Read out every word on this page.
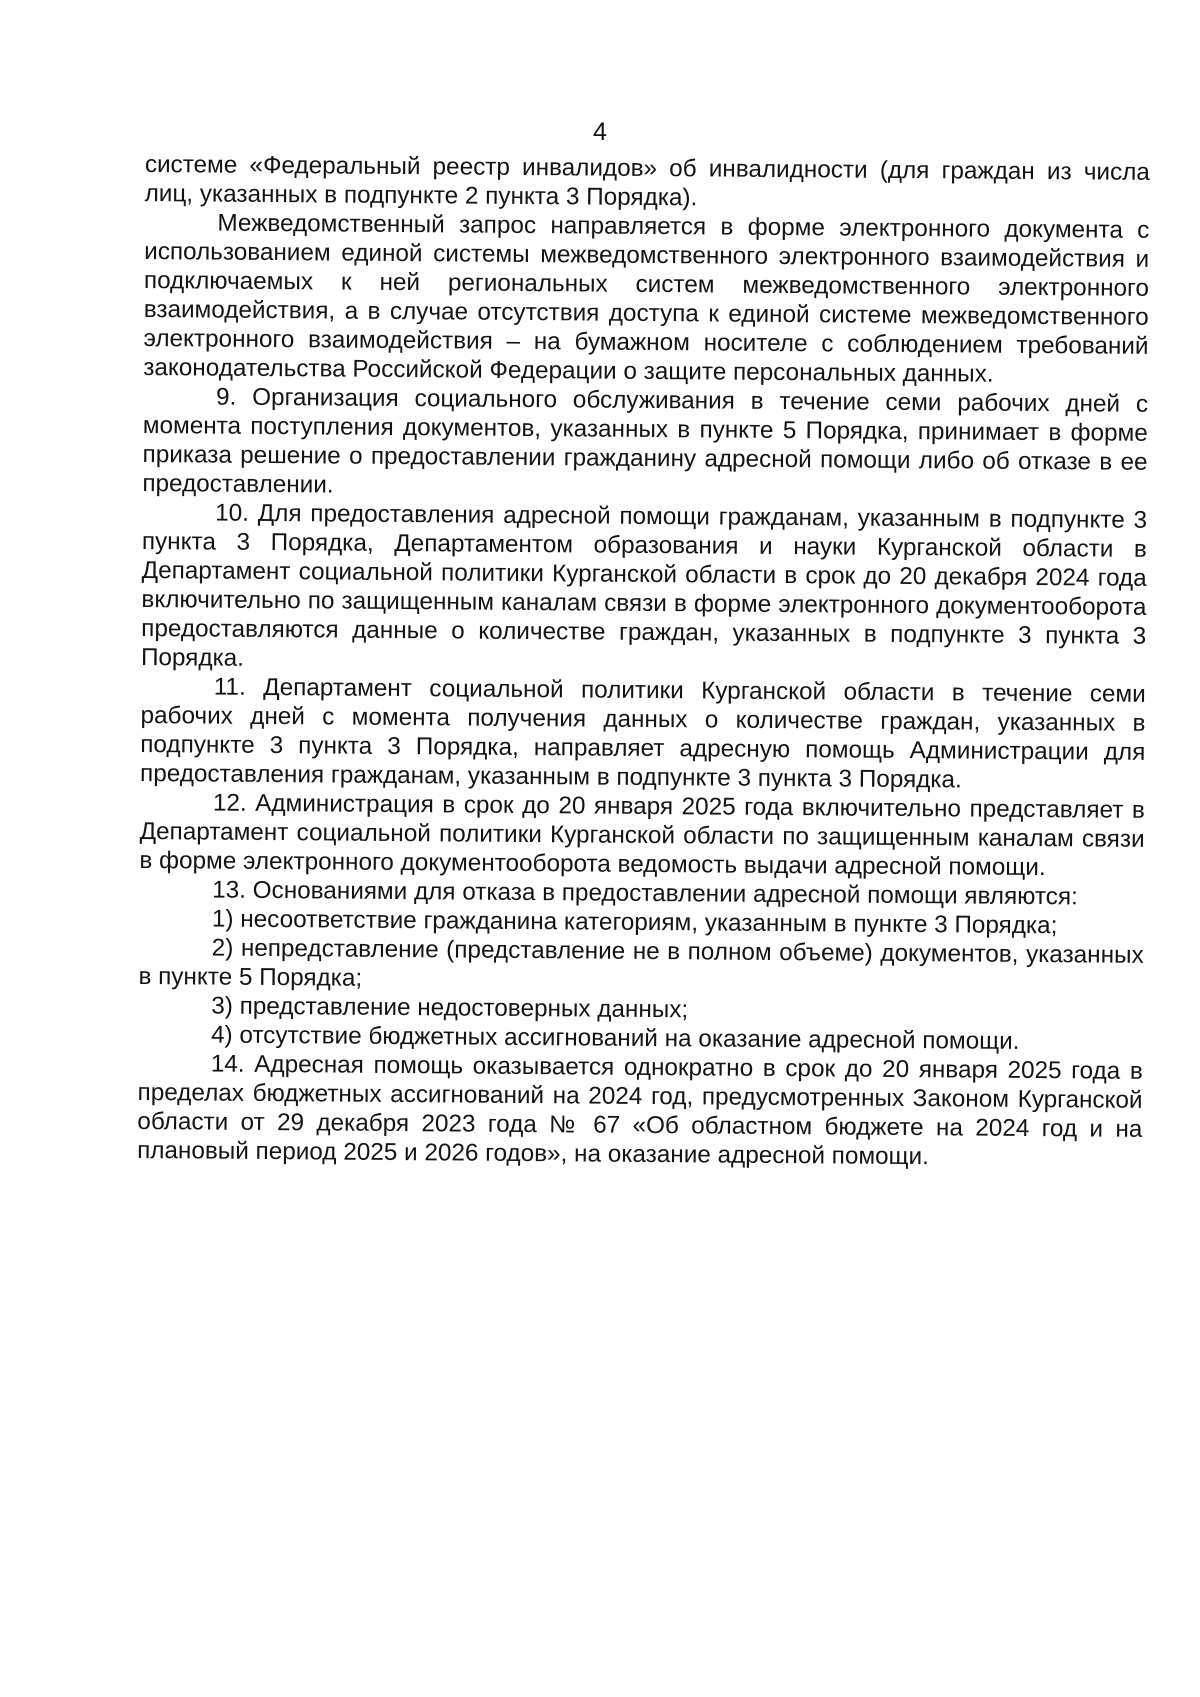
4

системе «Федеральный реестр инвалидов» об инвалидности (для граждан из числа лиц, указанных в подпункте 2 пункта 3 Порядка).

Межведомственный запрос направляется в форме электронного документа с использованием единой системы межведомственного электронного взаимодействия и подключаемых к ней региональных систем межведомственного электронного взаимодействия, а в случае отсутствия доступа к единой системе межведомственного электронного взаимодействия – на бумажном носителе с соблюдением требований законодательства Российской Федерации о защите персональных данных.

9. Организация социального обслуживания в течение семи рабочих дней с момента поступления документов, указанных в пункте 5 Порядка, принимает в форме приказа решение о предоставлении гражданину адресной помощи либо об отказе в ее предоставлении.

10. Для предоставления адресной помощи гражданам, указанным в подпункте 3 пункта 3 Порядка, Департаментом образования и науки Курганской области в Департамент социальной политики Курганской области в срок до 20 декабря 2024 года включительно по защищенным каналам связи в форме электронного документооборота предоставляются данные о количестве граждан, указанных в подпункте 3 пункта 3 Порядка.

11. Департамент социальной политики Курганской области в течение семи рабочих дней с момента получения данных о количестве граждан, указанных в подпункте 3 пункта 3 Порядка, направляет адресную помощь Администрации для предоставления гражданам, указанным в подпункте 3 пункта 3 Порядка.

12. Администрация в срок до 20 января 2025 года включительно представляет в Департамент социальной политики Курганской области по защищенным каналам связи в форме электронного документооборота ведомость выдачи адресной помощи.

13. Основаниями для отказа в предоставлении адресной помощи являются:

1) несоответствие гражданина категориям, указанным в пункте 3 Порядка;

2) непредставление (представление не в полном объеме) документов, указанных в пункте 5 Порядка;

3) представление недостоверных данных;

4) отсутствие бюджетных ассигнований на оказание адресной помощи.

14. Адресная помощь оказывается однократно в срок до 20 января 2025 года в пределах бюджетных ассигнований на 2024 год, предусмотренных Законом Курганской области от 29 декабря 2023 года № 67 «Об областном бюджете на 2024 год и на плановый период 2025 и 2026 годов», на оказание адресной помощи.
